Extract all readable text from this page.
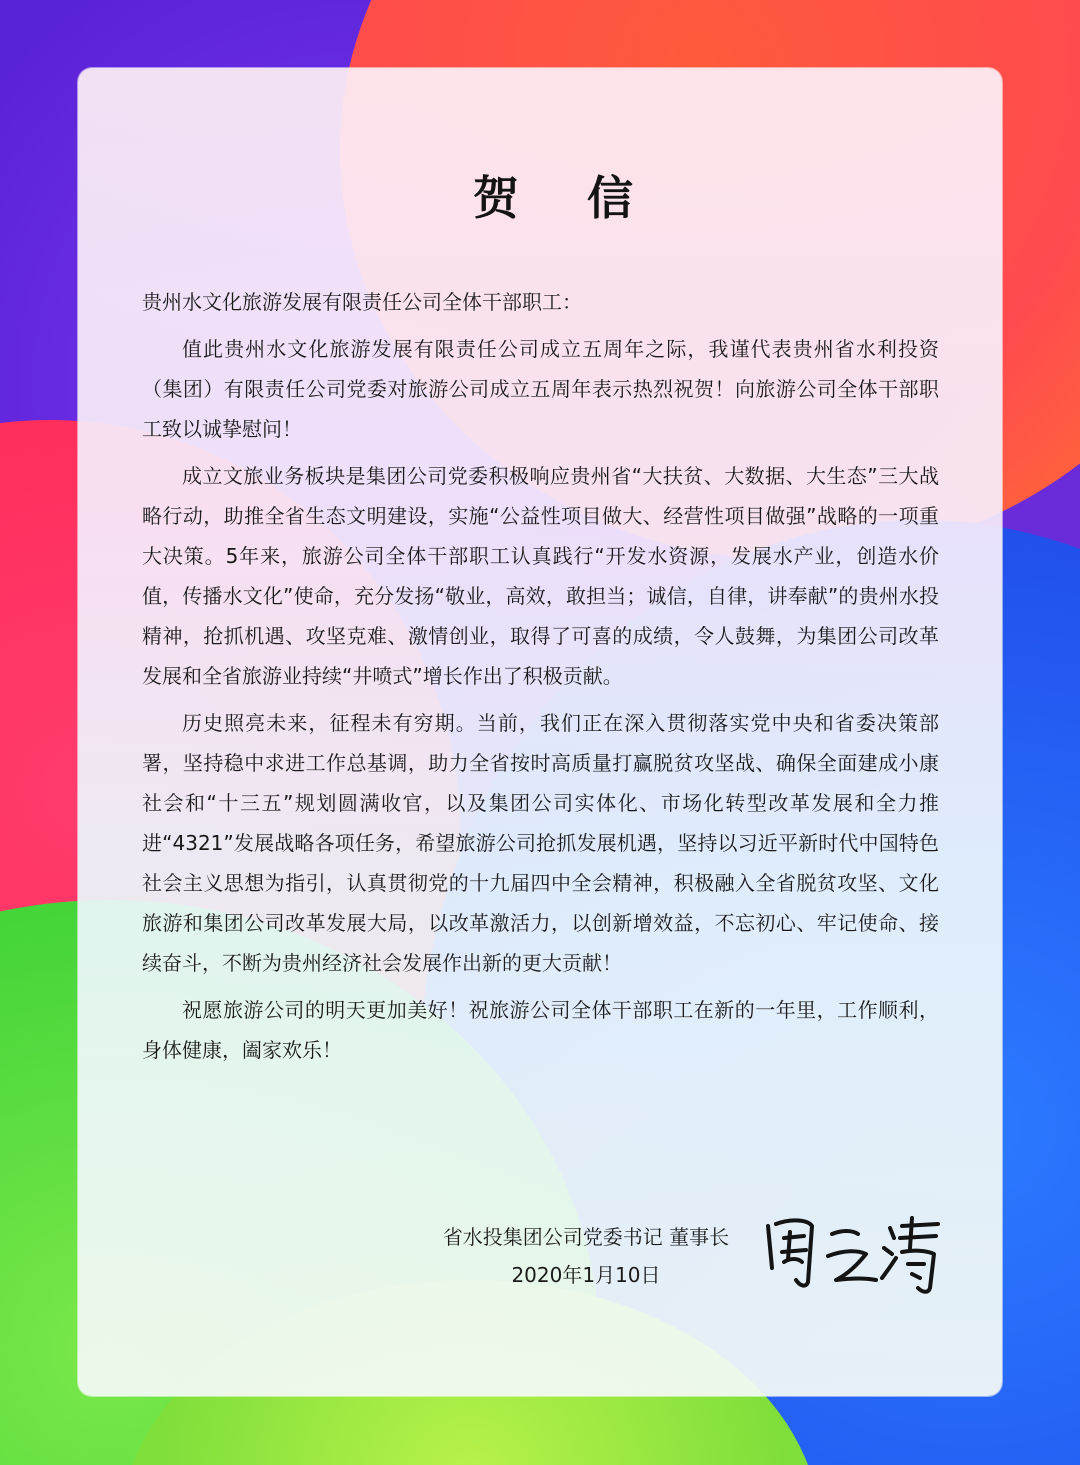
贺 信

贵州水文化旅游发展有限责任公司全体干部职工：

值此贵州水文化旅游发展有限责任公司成立五周年之际，我谨代表贵州省水利投资（集团）有限责任公司党委对旅游公司成立五周年表示热烈祝贺！向旅游公司全体干部职工致以诚挚慰问！

成立文旅业务板块是集团公司党委积极响应贵州省“大扶贫、大数据、大生态”三大战略行动，助推全省生态文明建设，实施“公益性项目做大、经营性项目做强”战略的一项重大决策。5年来，旅游公司全体干部职工认真践行“开发水资源，发展水产业，创造水价值，传播水文化”使命，充分发扬“敬业，高效，敢担当；诚信，自律，讲奉献”的贵州水投精神，抢抓机遇、攻坚克难、激情创业，取得了可喜的成绩，令人鼓舞，为集团公司改革发展和全省旅游业持续“井喷式”增长作出了积极贡献。

历史照亮未来，征程未有穷期。当前，我们正在深入贯彻落实党中央和省委决策部署，坚持稳中求进工作总基调，助力全省按时高质量打赢脱贫攻坚战、确保全面建成小康社会和“十三五”规划圆满收官，以及集团公司实体化、市场化转型改革发展和全力推进“4321”发展战略各项任务，希望旅游公司抢抓发展机遇，坚持以习近平新时代中国特色社会主义思想为指引，认真贯彻党的十九届四中全会精神，积极融入全省脱贫攻坚、文化旅游和集团公司改革发展大局，以改革激活力，以创新增效益，不忘初心、牢记使命、接续奋斗，不断为贵州经济社会发展作出新的更大贡献！

祝愿旅游公司的明天更加美好！祝旅游公司全体干部职工在新的一年里，工作顺利，身体健康，阖家欢乐！

省水投集团公司党委书记 董事长
2020年1月10日
